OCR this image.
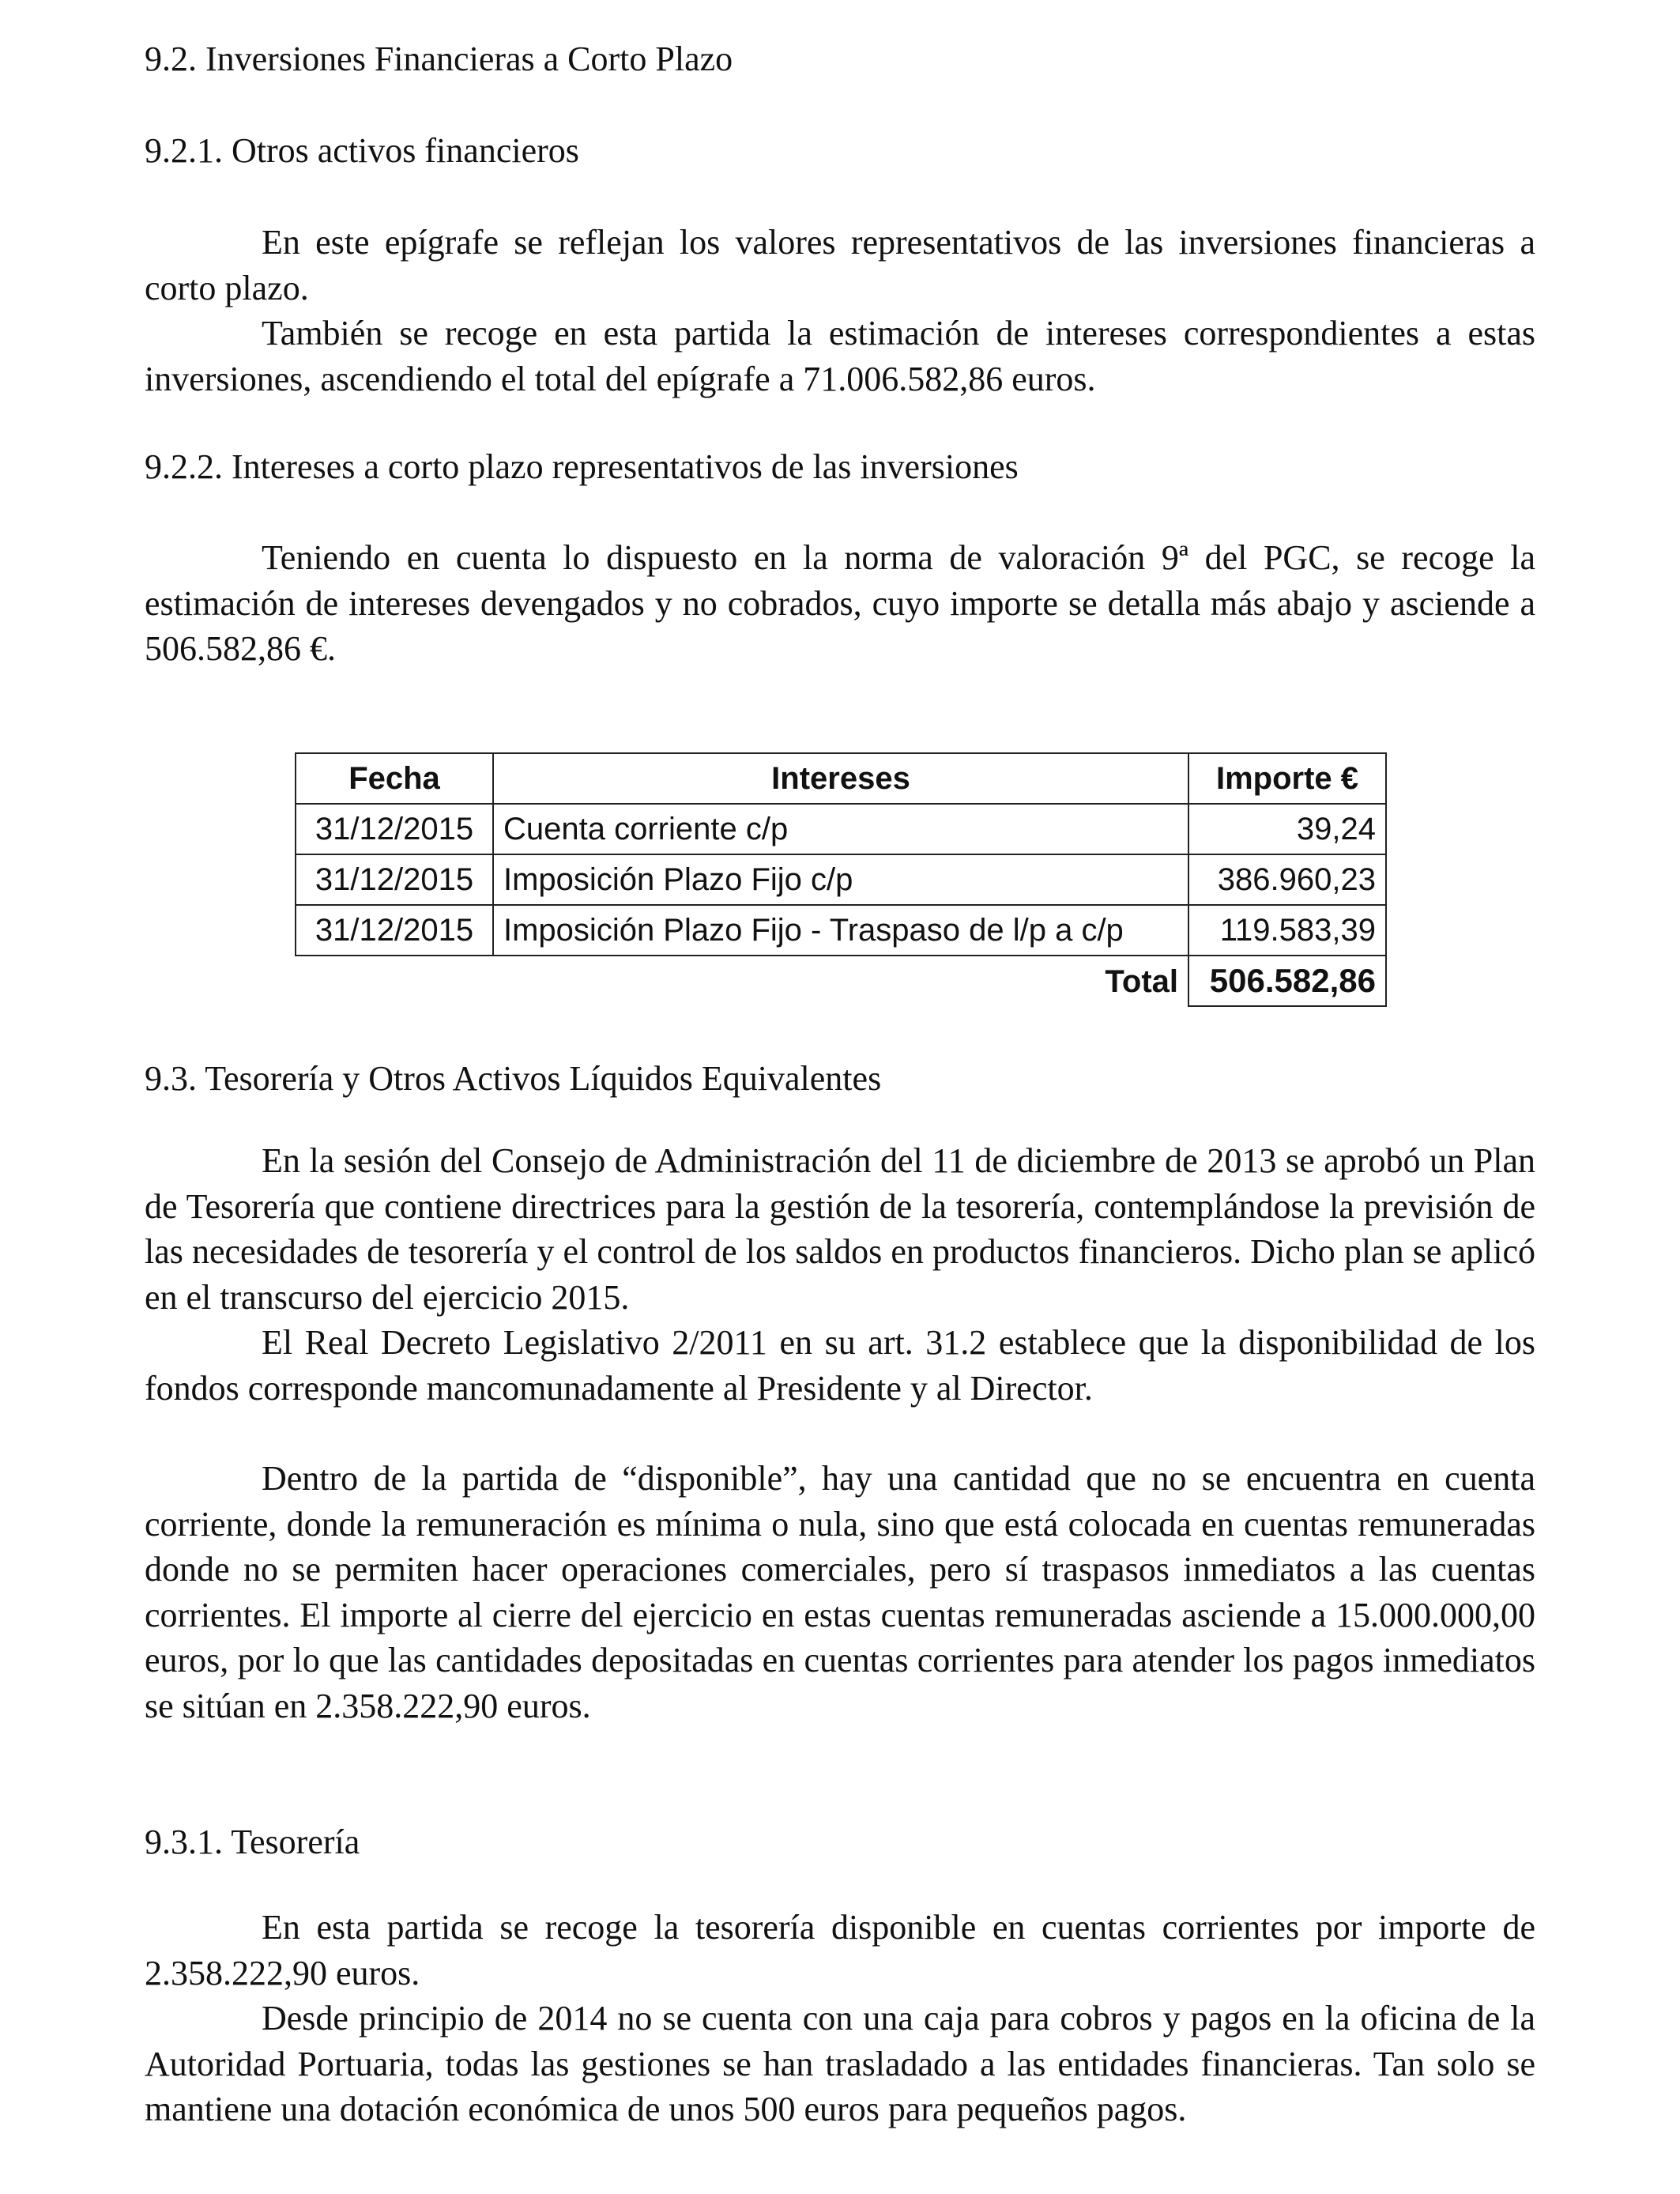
9.2. Inversiones Financieras a Corto Plazo
9.2.1. Otros activos financieros

En este epígrafe se reflejan los valores representativos de las inversiones financieras a corto plazo.

También se recoge en esta partida la estimación de intereses correspondientes a estas inversiones, ascendiendo el total del epígrafe a 71.006.582,86 euros.

9.2.2. Intereses a corto plazo representativos de las inversiones

Teniendo en cuenta lo dispuesto en la norma de valoración 9ª del PGC, se recoge la estimación de intereses devengados y no cobrados, cuyo importe se detalla más abajo y asciende a 506.582,86 €.

Fecha	Intereses	Importe €
31/12/2015	Cuenta corriente c/p	39,24
31/12/2015	Imposición Plazo Fijo c/p	386.960,23
31/12/2015	Imposición Plazo Fijo - Traspaso de l/p a c/p	119.583,39
	Total	506.582,86
9.3. Tesorería y Otros Activos Líquidos Equivalentes

En la sesión del Consejo de Administración del 11 de diciembre de 2013 se aprobó un Plan de Tesorería que contiene directrices para la gestión de la tesorería, contemplándose la previsión de las necesidades de tesorería y el control de los saldos en productos financieros. Dicho plan se aplicó en el transcurso del ejercicio 2015.

El Real Decreto Legislativo 2/2011 en su art. 31.2 establece que la disponibilidad de los fondos corresponde mancomunadamente al Presidente y al Director.

Dentro de la partida de “disponible”, hay una cantidad que no se encuentra en cuenta corriente, donde la remuneración es mínima o nula, sino que está colocada en cuentas remuneradas donde no se permiten hacer operaciones comerciales, pero sí traspasos inmediatos a las cuentas corrientes. El importe al cierre del ejercicio en estas cuentas remuneradas asciende a 15.000.000,00 euros, por lo que las cantidades depositadas en cuentas corrientes para atender los pagos inmediatos se sitúan en 2.358.222,90 euros.

9.3.1. Tesorería

En esta partida se recoge la tesorería disponible en cuentas corrientes por importe de 2.358.222,90 euros.

Desde principio de 2014 no se cuenta con una caja para cobros y pagos en la oficina de la Autoridad Portuaria, todas las gestiones se han trasladado a las entidades financieras. Tan solo se mantiene una dotación económica de unos 500 euros para pequeños pagos.
